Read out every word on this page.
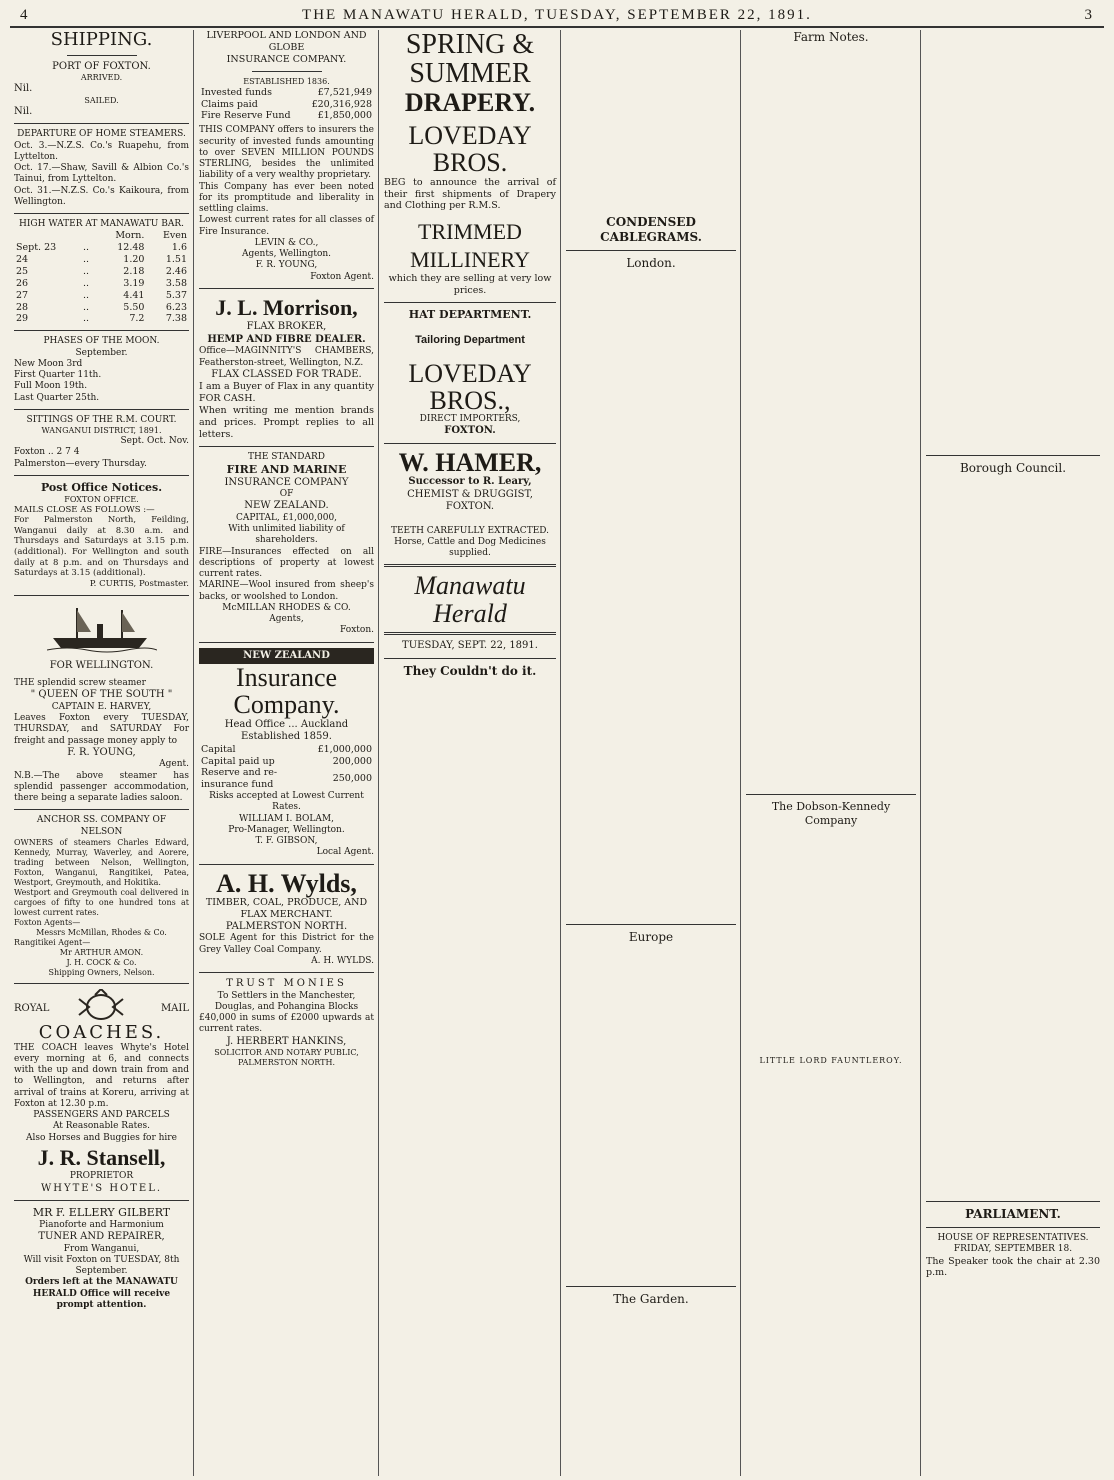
4	THE MANAWATU HERALD, TUESDAY, SEPTEMBER 22, 1891.	3
SHIPPING.
PORT OF FOXTON.
ARRIVED.
Nil.
SAILED.
Nil.
DEPARTURE OF HOME STEAMERS.
Oct. 3.—N.Z.S. Co.'s Ruapehu, from Lyttelton.
Oct. 17.—Shaw, Savill & Albion Co.'s Tainui, from Lyttelton.
Oct. 31.—N.Z.S. Co.'s Kaikoura, from Wellington.
HIGH WATER AT MANAWATU BAR.
		Morn.	Even
Sept. 23	..	12.48	1.6
24	..	1.20	1.51
25	..	2.18	2.46
26	..	3.19	3.58
27	..	4.41	5.37
28	..	5.50	6.23
29	..	7.2	7.38
PHASES OF THE MOON.
September.
New Moon 3rd
First Quarter 11th.
Full Moon 19th.
Last Quarter 25th.
SITTINGS OF THE R.M. COURT.
WANGANUI DISTRICT, 1891.
Sept. Oct. Nov.
Foxton .. 2 7 4
Palmerston—every Thursday.
Post Office Notices.
FOXTON OFFICE.
MAILS CLOSE AS FOLLOWS :—
For Palmerston North, Feilding, Wanganui daily at 8.30 a.m. and Thursdays and Saturdays at 3.15 p.m. (additional). For Wellington and south daily at 8 p.m. and on Thursdays and Saturdays at 3.15 (additional).
P. CURTIS, Postmaster.
FOR WELLINGTON.
THE splendid screw steamer
" QUEEN OF THE SOUTH "
CAPTAIN E. HARVEY,
Leaves Foxton every TUESDAY, THURSDAY, and SATURDAY For freight and passage money apply to
F. R. YOUNG,
Agent.
N.B.—The above steamer has splendid passenger accommodation, there being a separate ladies saloon.
ANCHOR SS. COMPANY OF
NELSON
OWNERS of steamers Charles Edward, Kennedy, Murray, Waverley, and Aorere, trading between Nelson, Wellington, Foxton, Wanganui, Rangitikei, Patea, Westport, Greymouth, and Hokitika.
Westport and Greymouth coal delivered in cargoes of fifty to one hundred tons at lowest current rates.
Foxton Agents—
Messrs McMillan, Rhodes & Co.
Rangitikei Agent—
Mr ARTHUR AMON.
J. H. COCK & Co.
Shipping Owners, Nelson.
ROYAL	MAIL
COACHES.
THE COACH leaves Whyte's Hotel every morning at 6, and connects with the up and down train from and to Wellington, and returns after arrival of trains at Koreru, arriving at Foxton at 12.30 p.m.
PASSENGERS AND PARCELS
At Reasonable Rates.
Also Horses and Buggies for hire
J. R. Stansell,
PROPRIETOR
WHYTE'S HOTEL.
MR F. ELLERY GILBERT
Pianoforte and Harmonium
TUNER AND REPAIRER,
From Wanganui,
Will visit Foxton on TUESDAY, 8th September.
Orders left at the MANAWATU HERALD Office will receive prompt attention.
LIVERPOOL AND LONDON AND GLOBE
INSURANCE COMPANY.
ESTABLISHED 1836.
Invested funds	£7,521,949
Claims paid	£20,316,928
Fire Reserve Fund	£1,850,000
THIS COMPANY offers to insurers the security of invested funds amounting to over SEVEN MILLION POUNDS STERLING, besides the unlimited liability of a very wealthy proprietary.
This Company has ever been noted for its promptitude and liberality in settling claims.
Lowest current rates for all classes of Fire Insurance.
LEVIN & CO.,
Agents, Wellington.
F. R. YOUNG,
Foxton Agent.
J. L. Morrison,
FLAX BROKER,
HEMP AND FIBRE DEALER.
Office—MAGINNITY'S CHAMBERS, Featherston-street, Wellington, N.Z.
FLAX CLASSED FOR TRADE.
I am a Buyer of Flax in any quantity FOR CASH.
When writing me mention brands and prices. Prompt replies to all letters.
THE STANDARD
FIRE AND MARINE
INSURANCE COMPANY
OF
NEW ZEALAND.
CAPITAL, £1,000,000,
With unlimited liability of shareholders.
FIRE—Insurances effected on all descriptions of property at lowest current rates.
MARINE—Wool insured from sheep's backs, or woolshed to London.
McMILLAN RHODES & CO.
Agents,
Foxton.
NEW ZEALAND
Insurance Company.
Head Office ... Auckland
Established 1859.
Capital	£1,000,000
Capital paid up	200,000
Reserve and re-insurance fund	250,000
Risks accepted at Lowest Current Rates.
WILLIAM I. BOLAM,
Pro-Manager, Wellington.
T. F. GIBSON,
Local Agent.
A. H. Wylds,
TIMBER, COAL, PRODUCE, AND FLAX MERCHANT.
PALMERSTON NORTH.
SOLE Agent for this District for the Grey Valley Coal Company.
A. H. WYLDS.
TRUST MONIES
To Settlers in the Manchester, Douglas, and Pohangina Blocks
£40,000 in sums of £2000 upwards at current rates.
J. HERBERT HANKINS,
SOLICITOR AND NOTARY PUBLIC,
PALMERSTON NORTH.
SPRING & SUMMER
DRAPERY.
LOVEDAY BROS.
BEG to announce the arrival of their first shipments of Drapery and Clothing per R.M.S.
TRIMMED MILLINERY
which they are selling at very low prices.
HAT DEPARTMENT.
Tailoring Department
LOVEDAY BROS.,
DIRECT IMPORTERS,
FOXTON.
W. HAMER,
Successor to R. Leary,
CHEMIST & DRUGGIST,
FOXTON.
TEETH CAREFULLY EXTRACTED.
Horse, Cattle and Dog Medicines supplied.
Manawatu Herald
TUESDAY, SEPT. 22, 1891.
They Couldn't do it.
CONDENSED CABLEGRAMS.
London.
Europe
The Garden.
Farm Notes.
The Dobson-Kennedy Company
LITTLE LORD FAUNTLEROY.
Borough Council.
PARLIAMENT.
HOUSE OF REPRESENTATIVES.
FRIDAY, SEPTEMBER 18.
The Speaker took the chair at 2.30 p.m.
